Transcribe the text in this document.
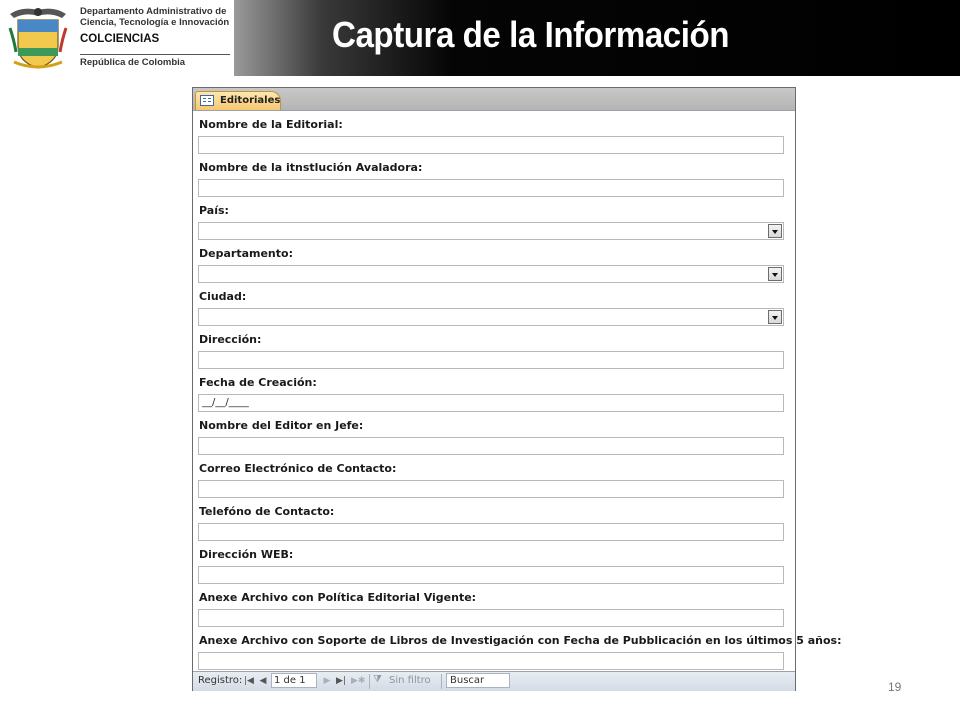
Departamento Administrativo de
Ciencia, Tecnología e Innovación
COLCIENCIAS
República de Colombia
Captura de la Información
Editoriales
Nombre de la Editorial:
Nombre de la itnstlución Avaladora:
País:
Departamento:
Ciudad:
Dirección:
Fecha de Creación:
__/__/____
Nombre del Editor en Jefe:
Correo Electrónico de Contacto:
Telefóno de Contacto:
Dirección WEB:
Anexe Archivo con Política Editorial Vigente:
Anexe Archivo con Soporte de Libros de Investigación con Fecha de Pubblicación en los últimos 5 años:
Registro: |◀ ◀ 1 de 1	▶ ▶| ▶✱ ⧩ Sin filtro	Buscar	19
